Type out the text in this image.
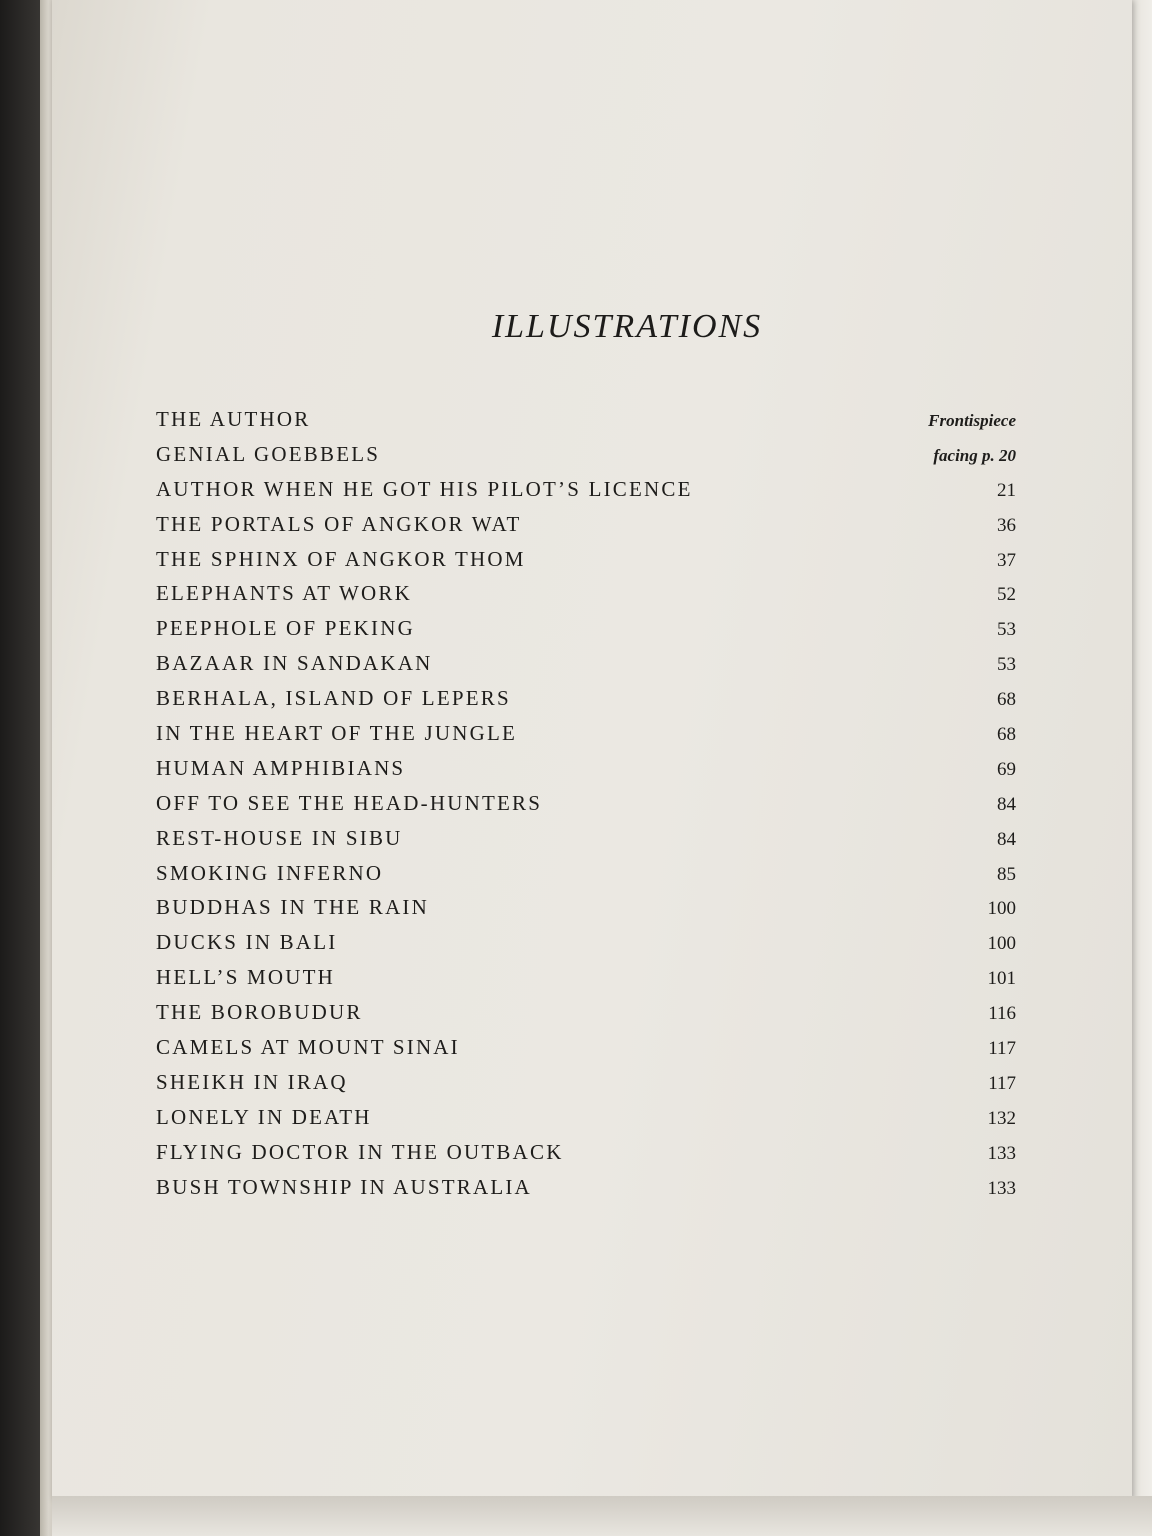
ILLUSTRATIONS
THE AUTHOR	Frontispiece
GENIAL GOEBBELS	facing p. 20
AUTHOR WHEN HE GOT HIS PILOT’S LICENCE	21
THE PORTALS OF ANGKOR WAT	36
THE SPHINX OF ANGKOR THOM	37
ELEPHANTS AT WORK	52
PEEPHOLE OF PEKING	53
BAZAAR IN SANDAKAN	53
BERHALA, ISLAND OF LEPERS	68
IN THE HEART OF THE JUNGLE	68
HUMAN AMPHIBIANS	69
OFF TO SEE THE HEAD-HUNTERS	84
REST-HOUSE IN SIBU	84
SMOKING INFERNO	85
BUDDHAS IN THE RAIN	100
DUCKS IN BALI	100
HELL’S MOUTH	101
THE BOROBUDUR	116
CAMELS AT MOUNT SINAI	117
SHEIKH IN IRAQ	117
LONELY IN DEATH	132
FLYING DOCTOR IN THE OUTBACK	133
BUSH TOWNSHIP IN AUSTRALIA	133
